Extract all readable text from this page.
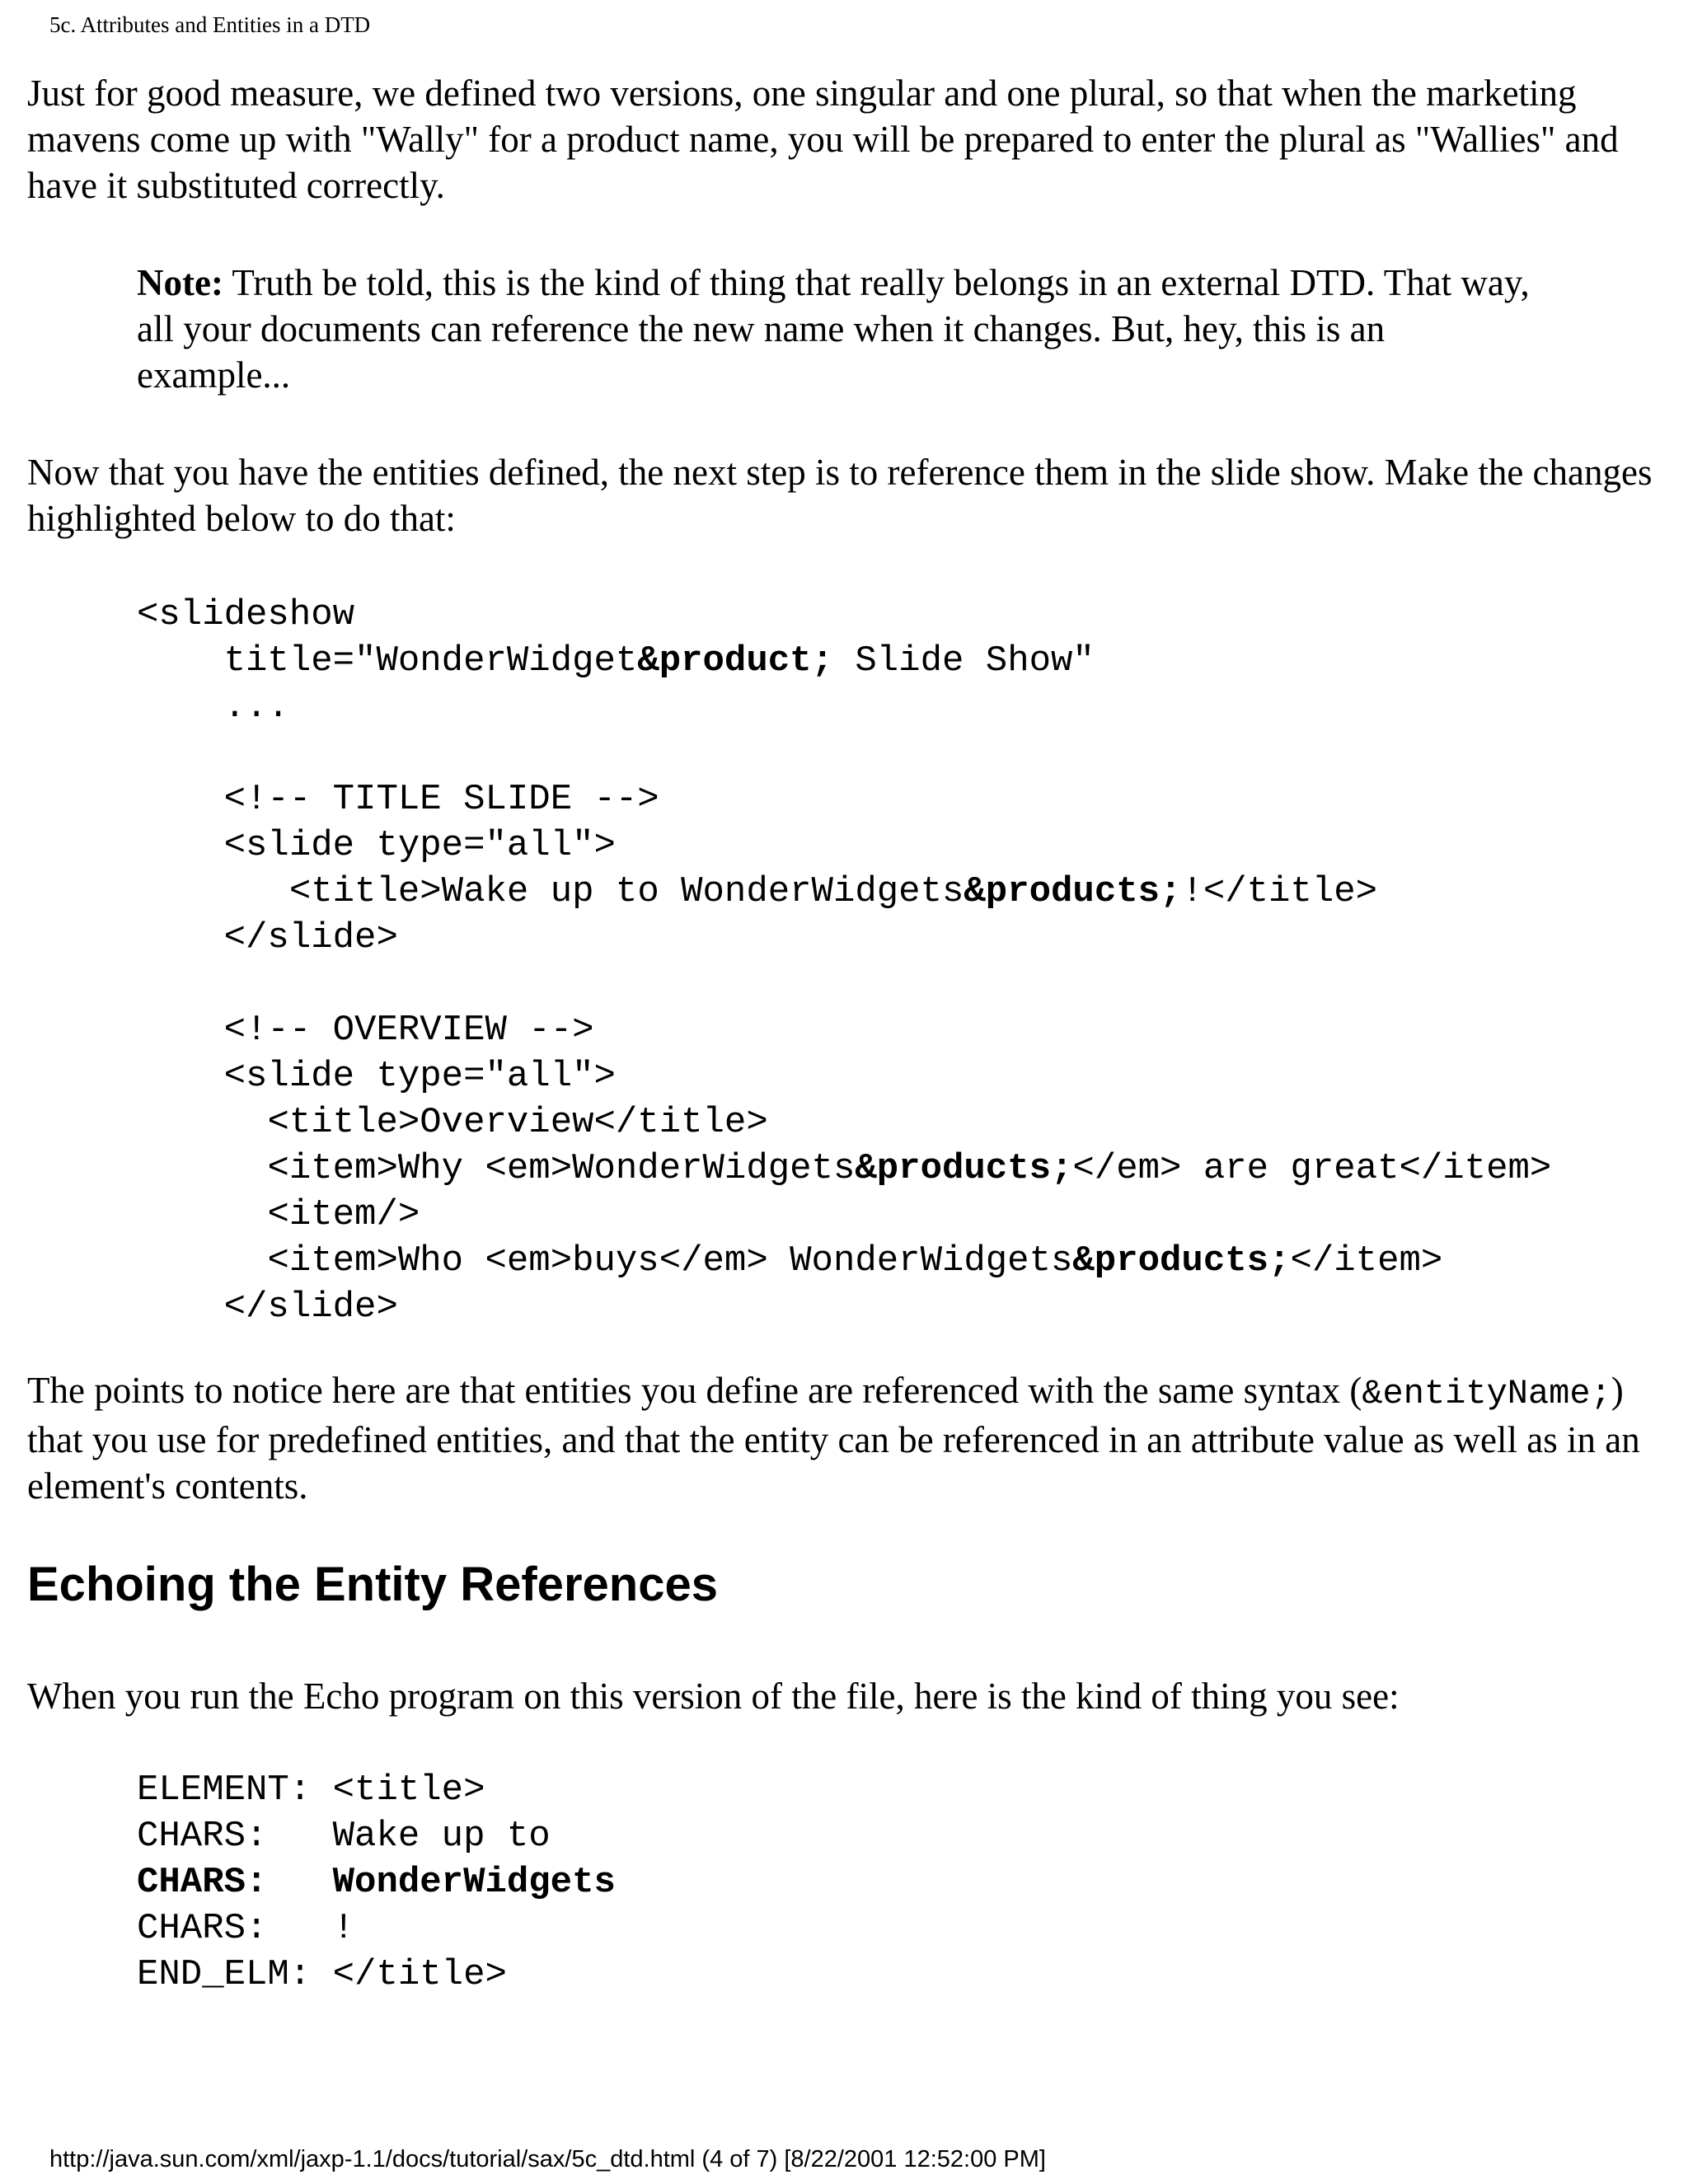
5c. Attributes and Entities in a DTD

Just for good measure, we defined two versions, one singular and one plural, so that when the marketing mavens come up with "Wally" for a product name, you will be prepared to enter the plural as "Wallies" and have it substituted correctly.

Note: Truth be told, this is the kind of thing that really belongs in an external DTD. That way, all your documents can reference the new name when it changes. But, hey, this is an example...

Now that you have the entities defined, the next step is to reference them in the slide show. Make the changes highlighted below to do that:

<slideshow
title="WonderWidget&product; Slide Show"
...
<!-- TITLE SLIDE -->
<slide type="all">
<title>Wake up to WonderWidgets&products;!</title>
</slide>
<!-- OVERVIEW -->
<slide type="all">
<title>Overview</title>
<item>Why <em>WonderWidgets&products;</em> are great</item>
<item/>
<item>Who <em>buys</em> WonderWidgets&products;</item>
</slide>

The points to notice here are that entities you define are referenced with the same syntax (&entityName;) that you use for predefined entities, and that the entity can be referenced in an attribute value as well as in an element's contents.

Echoing the Entity References

When you run the Echo program on this version of the file, here is the kind of thing you see:

ELEMENT: <title>
CHARS:   Wake up to
CHARS:   WonderWidgets
CHARS:   !
END_ELM: </title>
http://java.sun.com/xml/jaxp-1.1/docs/tutorial/sax/5c_dtd.html (4 of 7) [8/22/2001 12:52:00 PM]
